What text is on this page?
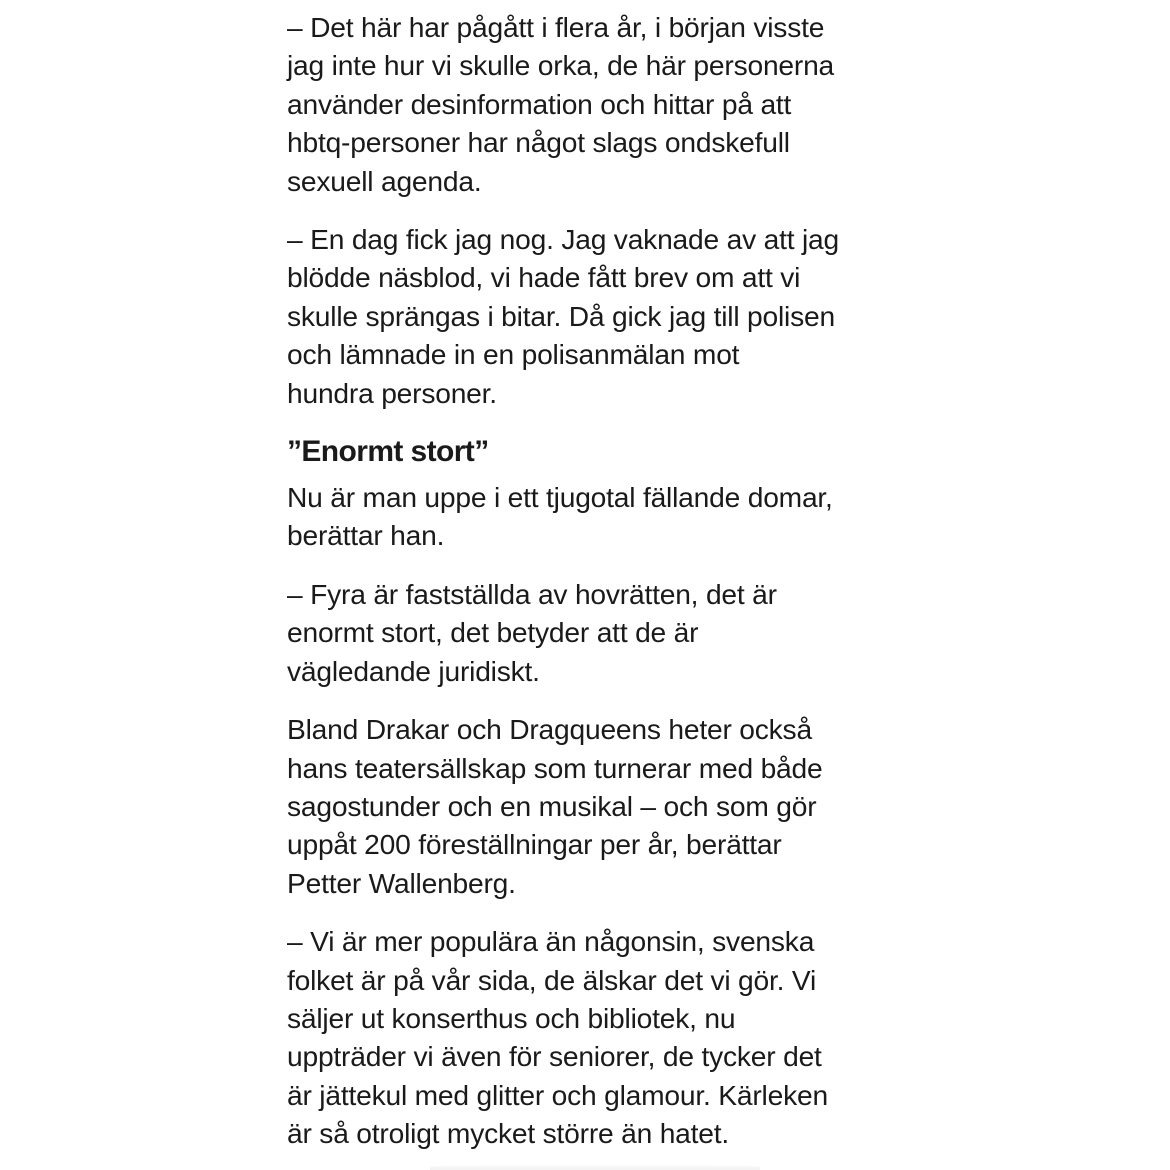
– Det här har pågått i flera år, i början visste
jag inte hur vi skulle orka, de här personerna
använder desinformation och hittar på att
hbtq-personer har något slags ondskefull
sexuell agenda.

– En dag fick jag nog. Jag vaknade av att jag
blödde näsblod, vi hade fått brev om att vi
skulle sprängas i bitar. Då gick jag till polisen
och lämnade in en polisanmälan mot
hundra personer.

”Enormt stort”

Nu är man uppe i ett tjugotal fällande domar,
berättar han.

– Fyra är fastställda av hovrätten, det är
enormt stort, det betyder att de är
vägledande juridiskt.

Bland Drakar och Dragqueens heter också
hans teatersällskap som turnerar med både
sagostunder och en musikal – och som gör
uppåt 200 föreställningar per år, berättar
Petter Wallenberg.

– Vi är mer populära än någonsin, svenska
folket är på vår sida, de älskar det vi gör. Vi
säljer ut konserthus och bibliotek, nu
uppträder vi även för seniorer, de tycker det
är jättekul med glitter och glamour. Kärleken
är så otroligt mycket större än hatet.
